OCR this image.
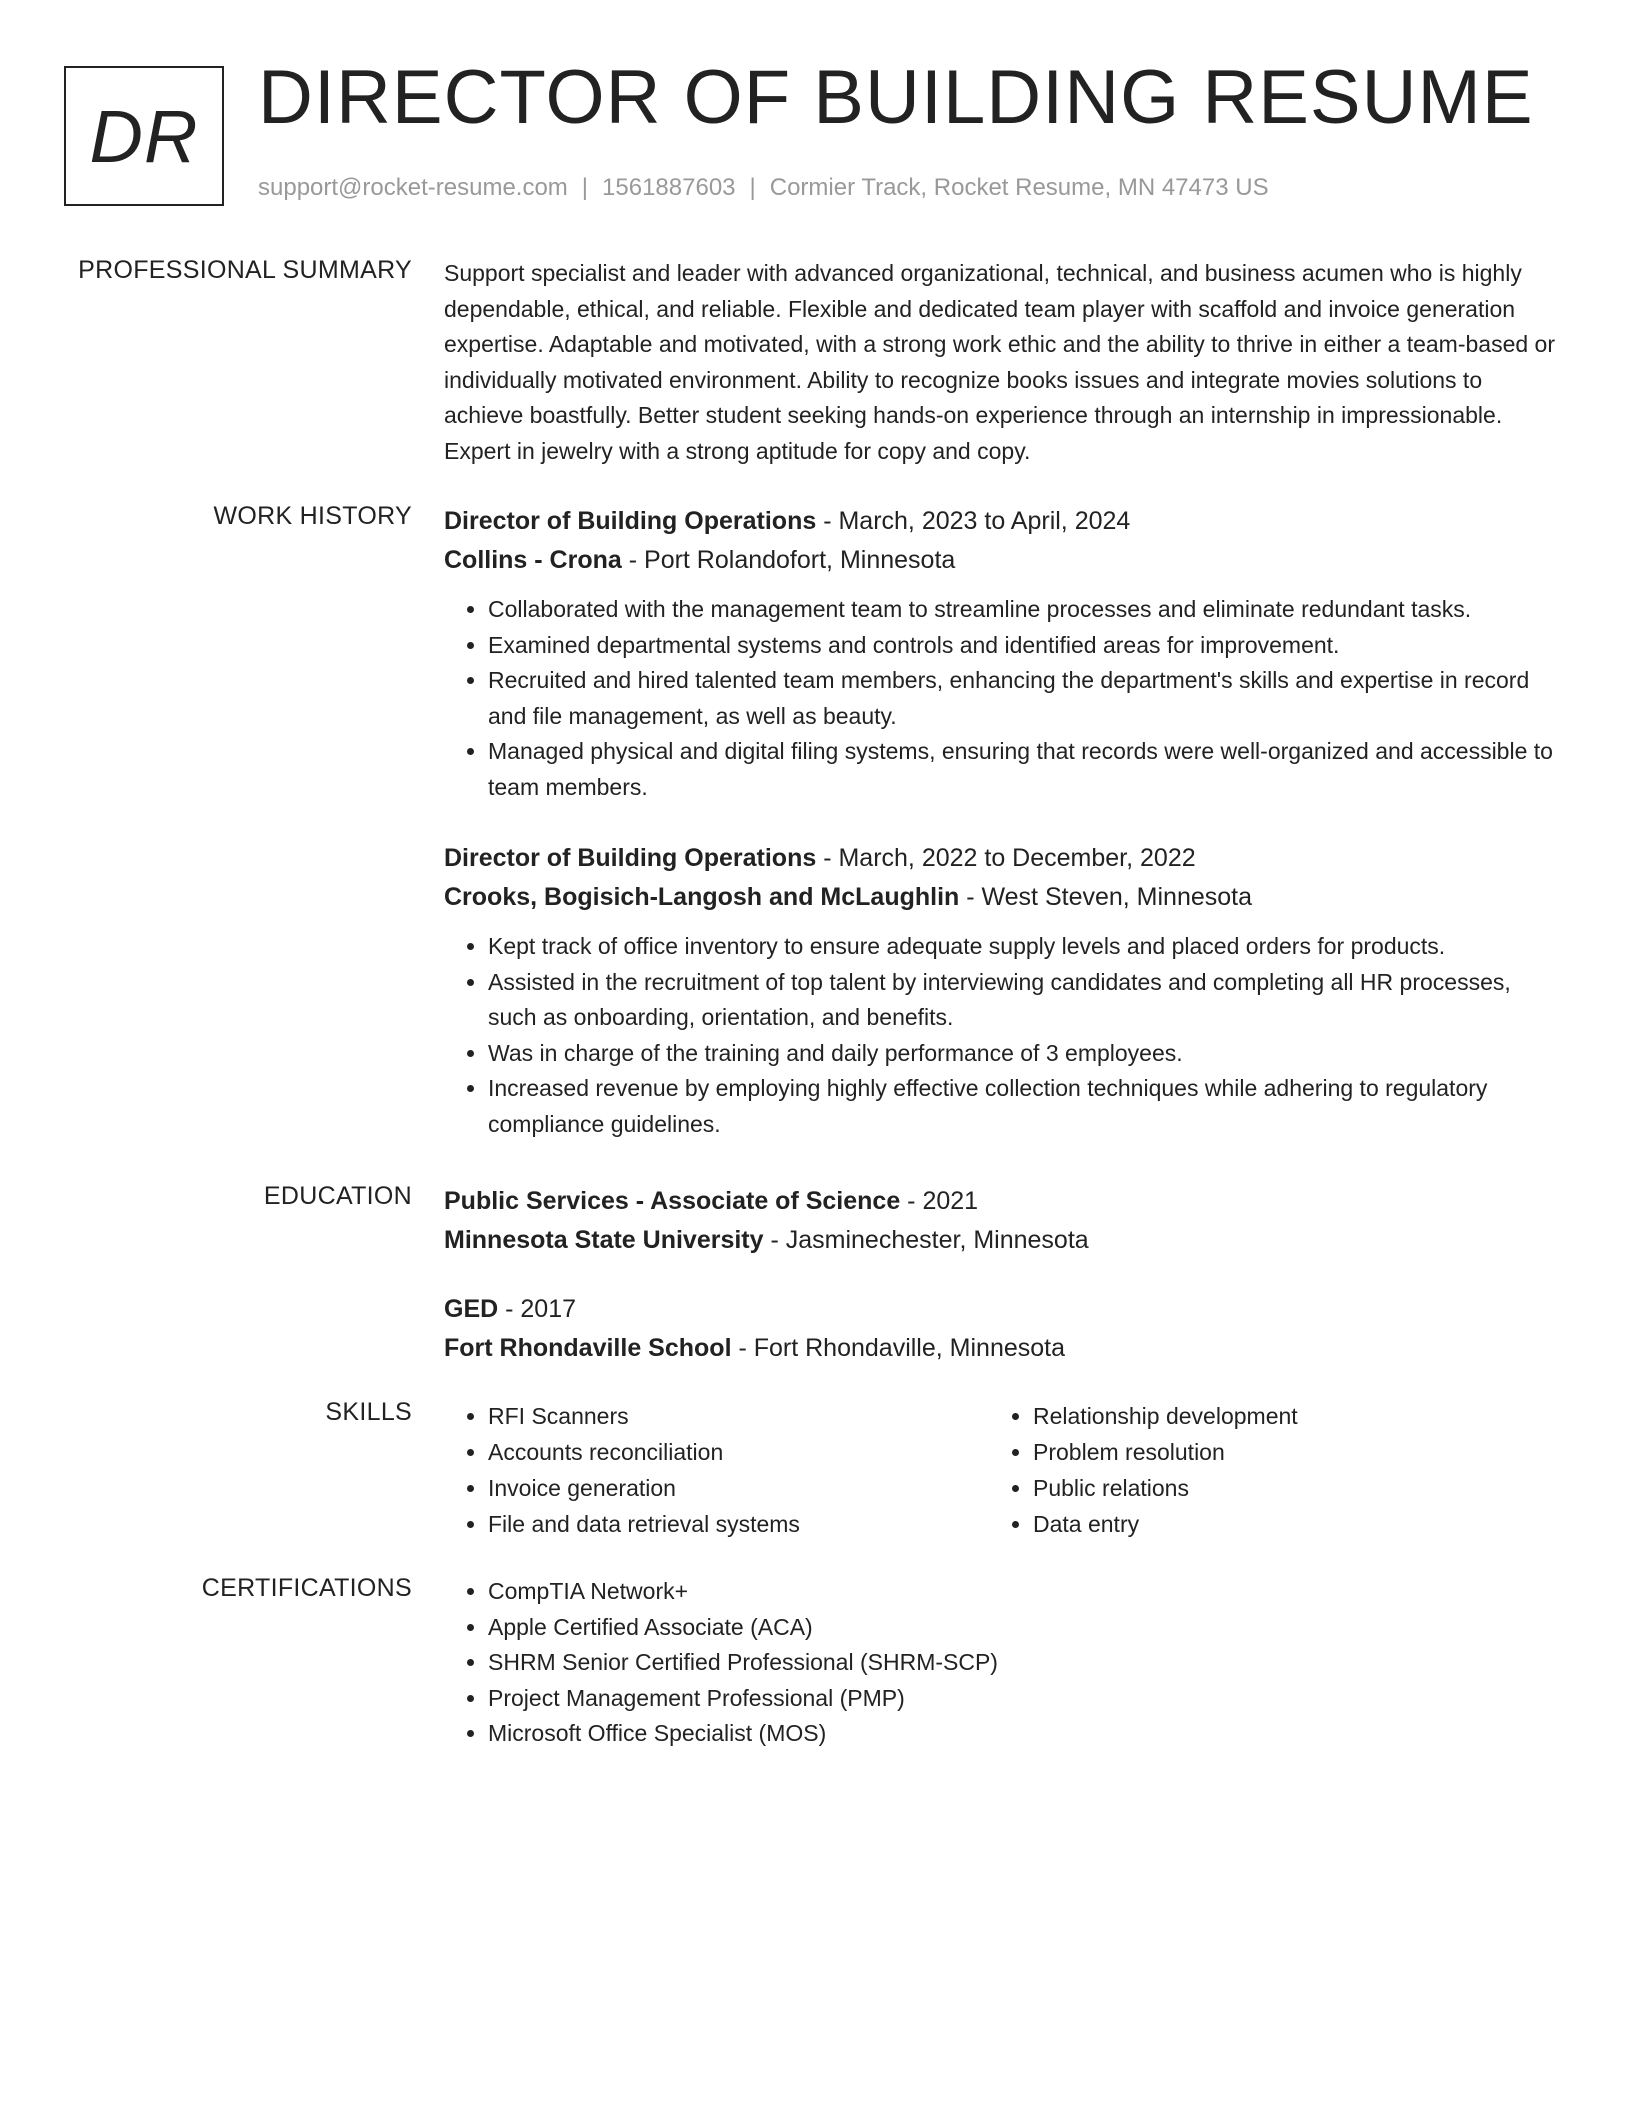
DR DIRECTOR OF BUILDING RESUME
support@rocket-resume.com | 1561887603 | Cormier Track, Rocket Resume, MN 47473 US
PROFESSIONAL SUMMARY Support specialist and leader with advanced organizational, technical, and business acumen who is highly dependable, ethical, and reliable. Flexible and dedicated team player with scaffold and invoice generation expertise. Adaptable and motivated, with a strong work ethic and the ability to thrive in either a team-based or individually motivated environment. Ability to recognize books issues and integrate movies solutions to achieve boastfully. Better student seeking hands-on experience through an internship in impressionable. Expert in jewelry with a strong aptitude for copy and copy.

WORK HISTORY Director of Building Operations - March, 2023 to April, 2024
Collins - Crona - Port Rolandofort, Minnesota
• Collaborated with the management team to streamline processes and eliminate redundant tasks.
• Examined departmental systems and controls and identified areas for improvement.
• Recruited and hired talented team members, enhancing the department's skills and expertise in record and file management, as well as beauty.
• Managed physical and digital filing systems, ensuring that records were well-organized and accessible to team members.
Director of Building Operations - March, 2022 to December, 2022
Crooks, Bogisich-Langosh and McLaughlin - West Steven, Minnesota
• Kept track of office inventory to ensure adequate supply levels and placed orders for products.
• Assisted in the recruitment of top talent by interviewing candidates and completing all HR processes, such as onboarding, orientation, and benefits.
• Was in charge of the training and daily performance of 3 employees.
• Increased revenue by employing highly effective collection techniques while adhering to regulatory compliance guidelines.
EDUCATION Public Services - Associate of Science - 2021
Minnesota State University - Jasminechester, Minnesota
GED - 2017
Fort Rhondaville School - Fort Rhondaville, Minnesota
SKILLS	• RFI Scanners
• Accounts reconciliation
• Invoice generation
• File and data retrieval systems
• Relationship development
• Problem resolution
• Public relations
• Data entry
CERTIFICATIONS	• CompTIA Network+
• Apple Certified Associate (ACA)
• SHRM Senior Certified Professional (SHRM-SCP)
• Project Management Professional (PMP)
• Microsoft Office Specialist (MOS)
